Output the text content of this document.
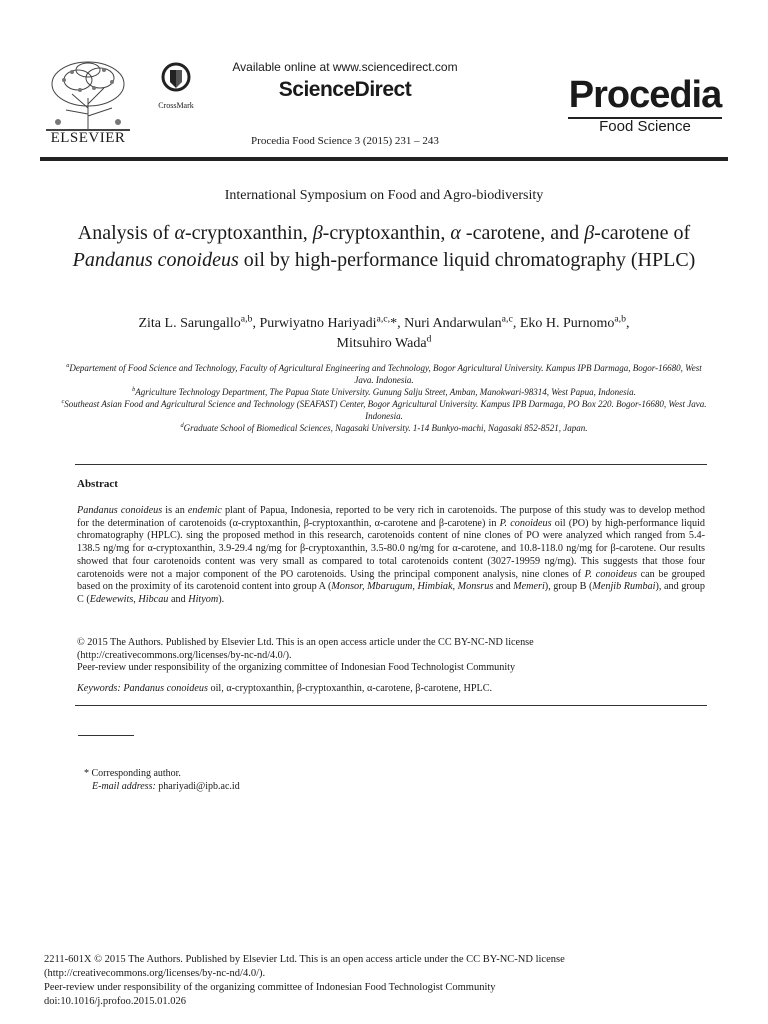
ELSEVIER
CrossMark
Available online at www.sciencedirect.com
ScienceDirect
Procedia Food Science 3 (2015) 231 – 243
Procedia
Food Science
International Symposium on Food and Agro-biodiversity
Analysis of α-cryptoxanthin, β-cryptoxanthin, α -carotene, and β-carotene of Pandanus conoideus oil by high-performance liquid chromatography (HPLC)
Zita L. Sarungallo$^{a,b}$, Purwiyatno Hariyadi$^{a,c,}$*, Nuri Andarwulan$^{a,c}$, Eko H. Purnomo$^{a,b}$,
Mitsuhiro Wada$^d$
$^a$Departement of Food Science and Technology, Faculty of Agricultural Engineering and Technology, Bogor Agricultural University. Kampus IPB Darmaga, Bogor-16680, West Java. Indonesia.
$^b$Agriculture Technology Department, The Papua State University. Gunung Salju Street, Amban, Manokwari-98314, West Papua, Indonesia.
$^c$Southeast Asian Food and Agricultural Science and Technology (SEAFAST) Center, Bogor Agricultural University. Kampus IPB Darmaga, PO Box 220. Bogor-16680, West Java. Indonesia.
$^d$Graduate School of Biomedical Sciences, Nagasaki University. 1-14 Bunkyo-machi, Nagasaki 852-8521, Japan.
Abstract
Pandanus conoideus is an endemic plant of Papua, Indonesia, reported to be very rich in carotenoids. The purpose of this study was to develop method for the determination of carotenoids (α-cryptoxanthin, β-cryptoxanthin, α-carotene and β-carotene) in P. conoideus oil (PO) by high-performance liquid chromatography (HPLC). sing the proposed method in this research, carotenoids content of nine clones of PO were analyzed which ranged from 5.4-138.5 ng/mg for α-cryptoxanthin, 3.9-29.4 ng/mg for β-cryptoxanthin, 3.5-80.0 ng/mg for α-carotene, and 10.8-118.0 ng/mg for β-carotene. Our results showed that four carotenoids content was very small as compared to total carotenoids content (3027-19959 ng/mg). This suggests that those four carotenoids were not a major component of the PO carotenoids. Using the principal component analysis, nine clones of P. conoideus can be grouped based on the proximity of its carotenoid content into group A (Monsor, Mbarugum, Himbiak, Monsrus and Memeri), group B (Menjib Rumbai), and group C (Edewewits, Hibcau and Hityom).
© 2015 The Authors. Published by Elsevier Ltd. This is an open access article under the CC BY-NC-ND license
(http://creativecommons.org/licenses/by-nc-nd/4.0/).
Peer-review under responsibility of the organizing committee of Indonesian Food Technologist Community
Keywords: Pandanus conoideus oil, α-cryptoxanthin, β-cryptoxanthin, α-carotene, β-carotene, HPLC.
* Corresponding author.
E-mail address: phariyadi@ipb.ac.id
2211-601X © 2015 The Authors. Published by Elsevier Ltd. This is an open access article under the CC BY-NC-ND license
(http://creativecommons.org/licenses/by-nc-nd/4.0/).
Peer-review under responsibility of the organizing committee of Indonesian Food Technologist Community
doi:10.1016/j.profoo.2015.01.026
